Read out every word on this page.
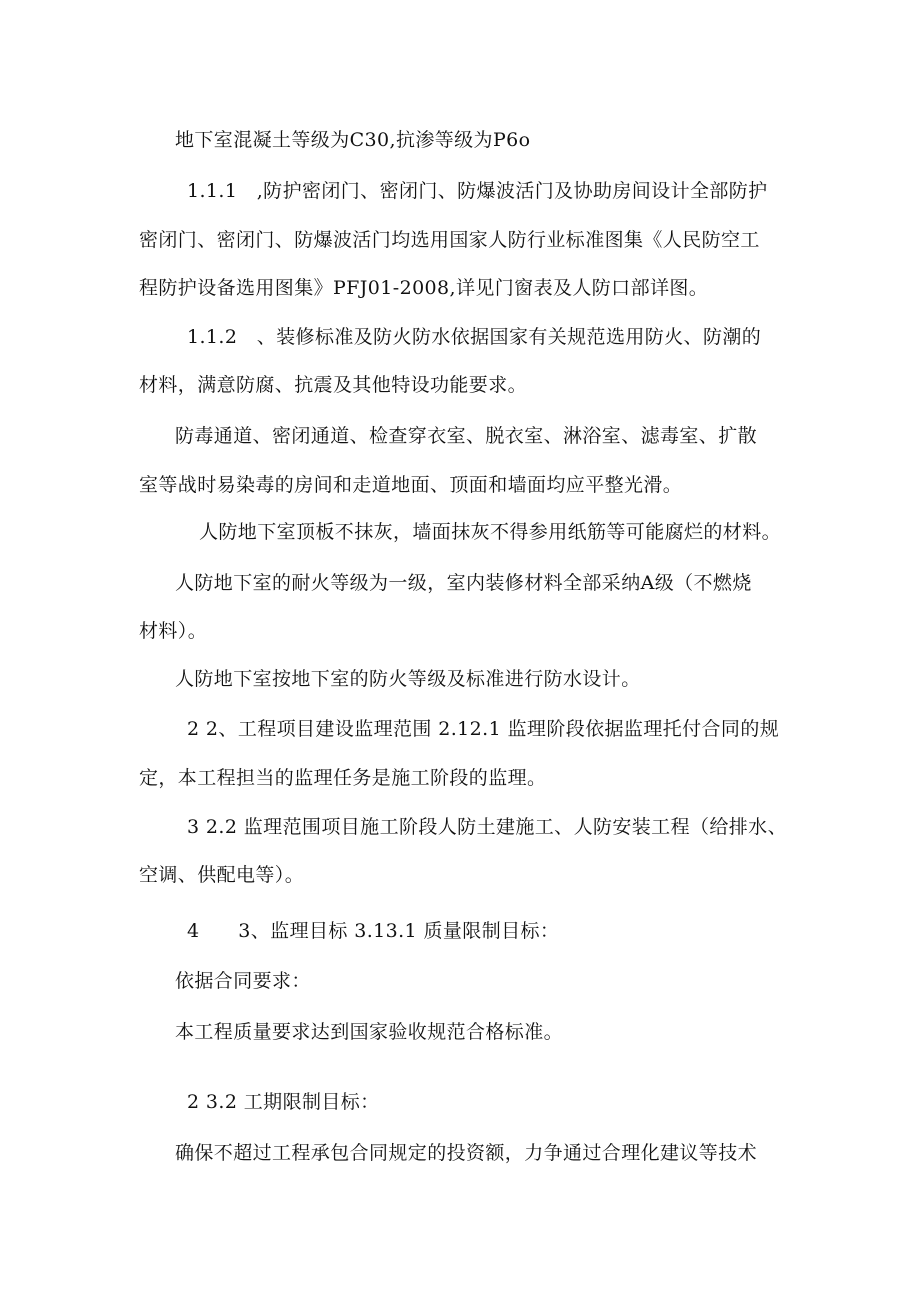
地下室混凝土等级为C30,抗渗等级为P6o
1.1.1　,防护密闭门、密闭门、防爆波活门及协助房间设计全部防护
密闭门、密闭门、防爆波活门均选用国家人防行业标准图集《人民防空工
程防护设备选用图集》PFJ01-2008,详见门窗表及人防口部详图。
1.1.2　、装修标准及防火防水依据国家有关规范选用防火、防潮的
材料，满意防腐、抗震及其他特设功能要求。
防毒通道、密闭通道、检查穿衣室、脱衣室、淋浴室、滤毒室、扩散
室等战时易染毒的房间和走道地面、顶面和墙面均应平整光滑。
人防地下室顶板不抹灰，墙面抹灰不得参用纸筋等可能腐烂的材料。
人防地下室的耐火等级为一级，室内装修材料全部采纳A级（不燃烧
材料）。
人防地下室按地下室的防火等级及标准进行防水设计。
2 2、工程项目建设监理范围 2.12.1 监理阶段依据监理托付合同的规
定，本工程担当的监理任务是施工阶段的监理。
3 2.2 监理范围项目施工阶段人防土建施工、人防安装工程（给排水、
空调、供配电等）。
4　　3、监理目标 3.13.1 质量限制目标：
依据合同要求：
本工程质量要求达到国家验收规范合格标准。
2 3.2 工期限制目标：
确保不超过工程承包合同规定的投资额，力争通过合理化建议等技术
